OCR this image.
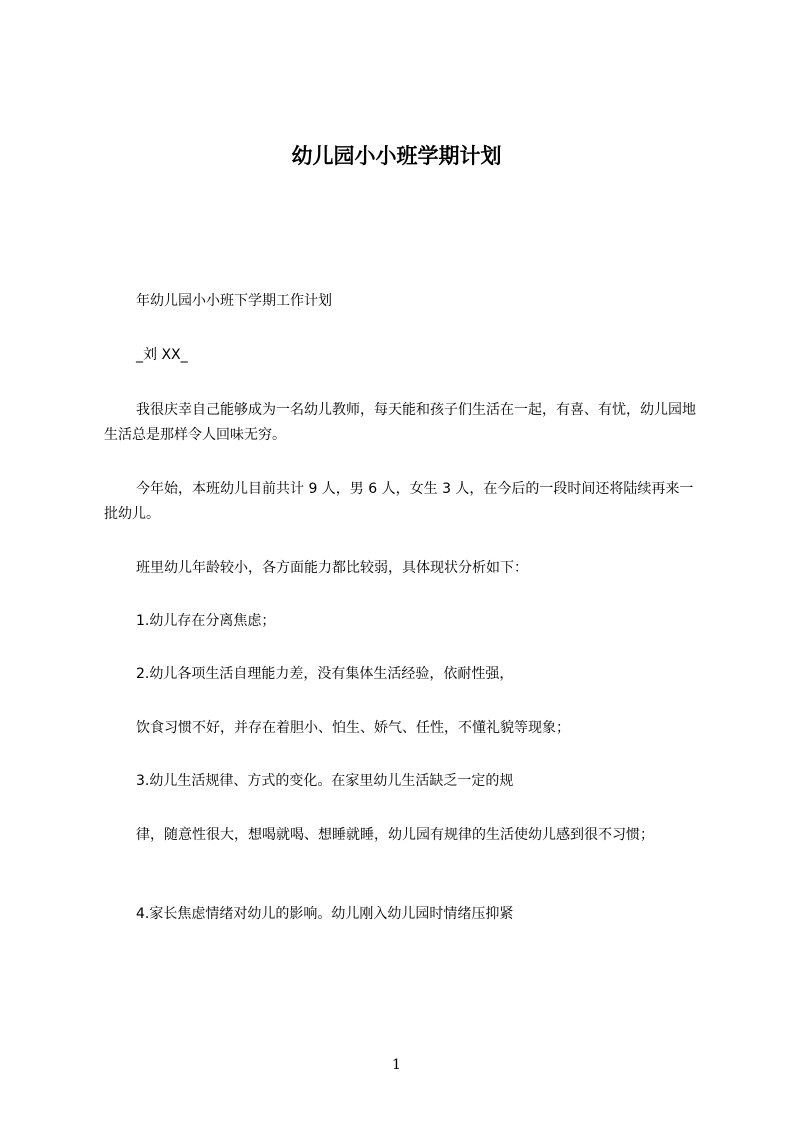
幼儿园小小班学期计划

年幼儿园小小班下学期工作计划

_刘 XX_

我很庆幸自己能够成为一名幼儿教师，每天能和孩子们生活在一起，有喜、有忧，幼儿园地生活总是那样令人回味无穷。

今年始，本班幼儿目前共计 9 人，男 6 人，女生 3 人，在今后的一段时间还将陆续再来一批幼儿。

班里幼儿年龄较小，各方面能力都比较弱，具体现状分析如下：

1.幼儿存在分离焦虑；

2.幼儿各项生活自理能力差，没有集体生活经验，依耐性强，

饮食习惯不好，并存在着胆小、怕生、娇气、任性，不懂礼貌等现象；

3.幼儿生活规律、方式的变化。在家里幼儿生活缺乏一定的规

律，随意性很大，想喝就喝、想睡就睡，幼儿园有规律的生活使幼儿感到很不习惯；

4.家长焦虑情绪对幼儿的影响。幼儿刚入幼儿园时情绪压抑紧

1
